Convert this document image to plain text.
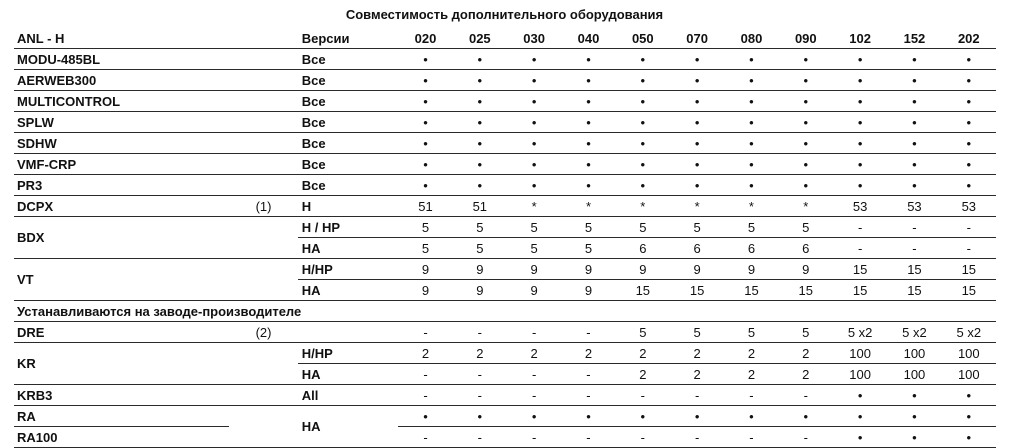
Совместимость дополнительного оборудования
ANL - H		Версии	020	025	030	040	050	070	080	090	102	152	202
MODU-485BL		Все	•	•	•	•	•	•	•	•	•	•	•
AERWEB300		Все	•	•	•	•	•	•	•	•	•	•	•
MULTICONTROL		Все	•	•	•	•	•	•	•	•	•	•	•
SPLW		Все	•	•	•	•	•	•	•	•	•	•	•
SDHW		Все	•	•	•	•	•	•	•	•	•	•	•
VMF-CRP		Все	•	•	•	•	•	•	•	•	•	•	•
PR3		Все	•	•	•	•	•	•	•	•	•	•	•
DCPX	(1)	H	51	51	*	*	*	*	*	*	53	53	53
BDX		H / HP	5	5	5	5	5	5	5	5	-	-	-
		HA	5	5	5	5	6	6	6	6	-	-	-
VT		H/HP	9	9	9	9	9	9	9	9	15	15	15
		HA	9	9	9	9	15	15	15	15	15	15	15
Устанавливаются на заводе-производителе													
DRE	(2)		-	-	-	-	5	5	5	5	5 x2	5 x2	5 x2
KR		H/HP	2	2	2	2	2	2	2	2	100	100	100
		HA	-	-	-	-	2	2	2	2	100	100	100
KRB3		All	-	-	-	-	-	-	-	-	•	•	•
RA		HA	•	•	•	•	•	•	•	•	•	•	•
RA100			-	-	-	-	-	-	-	-	•	•	•
